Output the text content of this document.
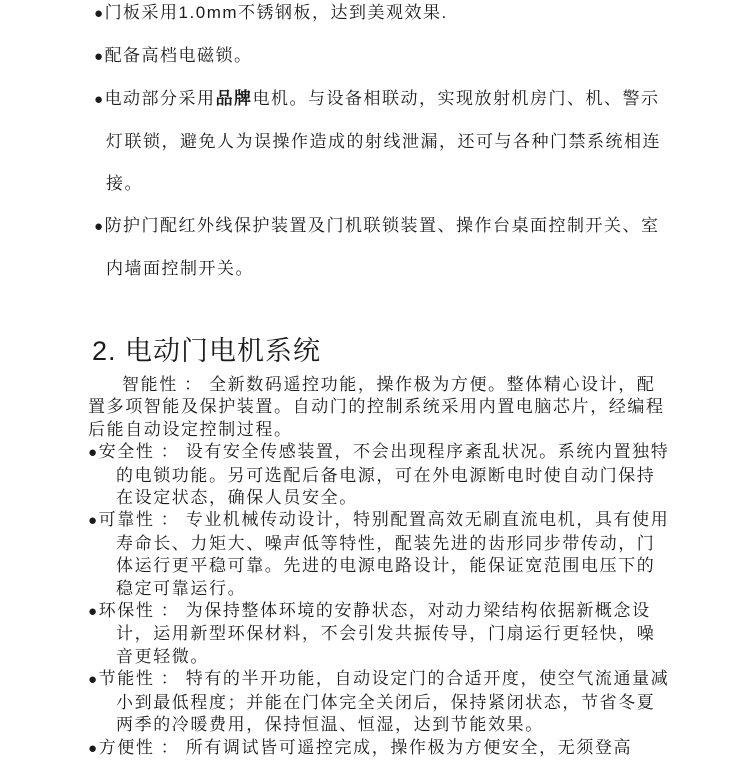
●门板采用1.0mm不锈钢板，达到美观效果.

●配备高档电磁锁。

●电动部分采用品牌电机。与设备相联动，实现放射机房门、机、警示灯联锁，避免人为误操作造成的射线泄漏，还可与各种门禁系统相连接。

●防护门配红外线保护装置及门机联锁装置、操作台桌面控制开关、室内墙面控制开关。

2. 电动门电机系统

智能性 ： 全新数码遥控功能，操作极为方便。整体精心设计，配置多项智能及保护装置。自动门的控制系统采用内置电脑芯片，经编程后能自动设定控制过程。

●安全性 ： 设有安全传感装置，不会出现程序紊乱状况。系统内置独特的电锁功能。另可选配后备电源，可在外电源断电时使自动门保持在设定状态，确保人员安全。

●可靠性 ： 专业机械传动设计，特别配置高效无刷直流电机，具有使用寿命长、力矩大、噪声低等特性，配装先进的齿形同步带传动，门体运行更平稳可靠。先进的电源电路设计，能保证宽范围电压下的稳定可靠运行。

●环保性 ： 为保持整体环境的安静状态，对动力梁结构依据新概念设计，运用新型环保材料，不会引发共振传导，门扇运行更轻快，噪音更轻微。

●节能性 ： 特有的半开功能，自动设定门的合适开度，使空气流通量减小到最低程度；并能在门体完全关闭后，保持紧闭状态，节省冬夏两季的冷暖费用，保持恒温、恒湿，达到节能效果。

●方便性 ： 所有调试皆可遥控完成，操作极为方便安全，无须登高
